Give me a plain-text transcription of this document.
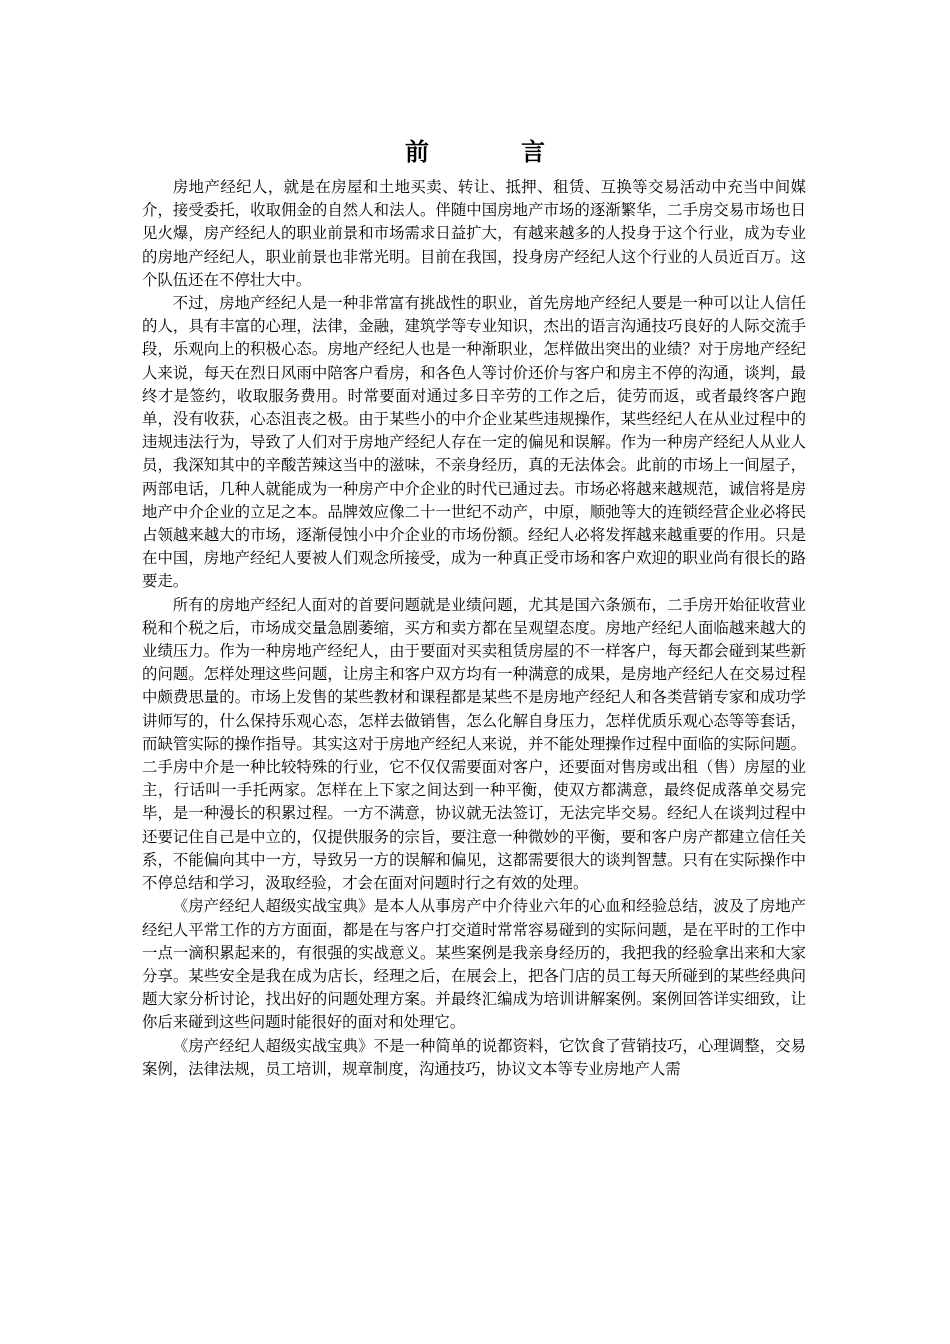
前　言

房地产经纪人，就是在房屋和土地买卖、转让、抵押、租赁、互换等交易活动中充当中间媒介，接受委托，收取佣金的自然人和法人。伴随中国房地产市场的逐渐繁华，二手房交易市场也日见火爆，房产经纪人的职业前景和市场需求日益扩大，有越来越多的人投身于这个行业，成为专业的房地产经纪人，职业前景也非常光明。目前在我国，投身房产经纪人这个行业的人员近百万。这个队伍还在不停壮大中。

不过，房地产经纪人是一种非常富有挑战性的职业，首先房地产经纪人要是一种可以让人信任的人，具有丰富的心理，法律，金融，建筑学等专业知识，杰出的语言沟通技巧良好的人际交流手段，乐观向上的积极心态。房地产经纪人也是一种渐职业，怎样做出突出的业绩？对于房地产经纪人来说，每天在烈日风雨中陪客户看房，和各色人等讨价还价与客户和房主不停的沟通，谈判，最终才是签约，收取服务费用。时常要面对通过多日辛劳的工作之后，徒劳而返，或者最终客户跑单，没有收获，心态沮丧之极。由于某些小的中介企业某些违规操作，某些经纪人在从业过程中的违规违法行为，导致了人们对于房地产经纪人存在一定的偏见和误解。作为一种房产经纪人从业人员，我深知其中的辛酸苦辣这当中的滋味，不亲身经历，真的无法体会。此前的市场上一间屋子，两部电话，几种人就能成为一种房产中介企业的时代已通过去。市场必将越来越规范，诚信将是房地产中介企业的立足之本。品牌效应像二十一世纪不动产，中原，顺弛等大的连锁经营企业必将民占领越来越大的市场，逐渐侵蚀小中介企业的市场份额。经纪人必将发挥越来越重要的作用。只是在中国，房地产经纪人要被人们观念所接受，成为一种真正受市场和客户欢迎的职业尚有很长的路要走。

所有的房地产经纪人面对的首要问题就是业绩问题，尤其是国六条颁布，二手房开始征收营业税和个税之后，市场成交量急剧萎缩，买方和卖方都在呈观望态度。房地产经纪人面临越来越大的业绩压力。作为一种房地产经纪人，由于要面对买卖租赁房屋的不一样客户，每天都会碰到某些新的问题。怎样处理这些问题，让房主和客户双方均有一种满意的成果，是房地产经纪人在交易过程中颇费思量的。市场上发售的某些教材和课程都是某些不是房地产经纪人和各类营销专家和成功学讲师写的，什么保持乐观心态，怎样去做销售，怎么化解自身压力，怎样优质乐观心态等等套话，而缺管实际的操作指导。其实这对于房地产经纪人来说，并不能处理操作过程中面临的实际问题。二手房中介是一种比较特殊的行业，它不仅仅需要面对客户，还要面对售房或出租（售）房屋的业主，行话叫一手托两家。怎样在上下家之间达到一种平衡，使双方都满意，最终促成落单交易完毕，是一种漫长的积累过程。一方不满意，协议就无法签订，无法完毕交易。经纪人在谈判过程中还要记住自己是中立的，仅提供服务的宗旨，要注意一种微妙的平衡，要和客户房产都建立信任关系，不能偏向其中一方，导致另一方的误解和偏见，这都需要很大的谈判智慧。只有在实际操作中不停总结和学习，汲取经验，才会在面对问题时行之有效的处理。

《房产经纪人超级实战宝典》是本人从事房产中介待业六年的心血和经验总结，波及了房地产经纪人平常工作的方方面面，都是在与客户打交道时常常容易碰到的实际问题，是在平时的工作中一点一滴积累起来的，有很强的实战意义。某些案例是我亲身经历的，我把我的经验拿出来和大家分享。某些安全是我在成为店长，经理之后，在展会上，把各门店的员工每天所碰到的某些经典问题大家分析讨论，找出好的问题处理方案。并最终汇编成为培训讲解案例。案例回答详实细致，让你后来碰到这些问题时能很好的面对和处理它。

《房产经纪人超级实战宝典》不是一种简单的说都资料，它饮食了营销技巧，心理调整，交易案例，法律法规，员工培训，规章制度，沟通技巧，协议文本等专业房地产人需
